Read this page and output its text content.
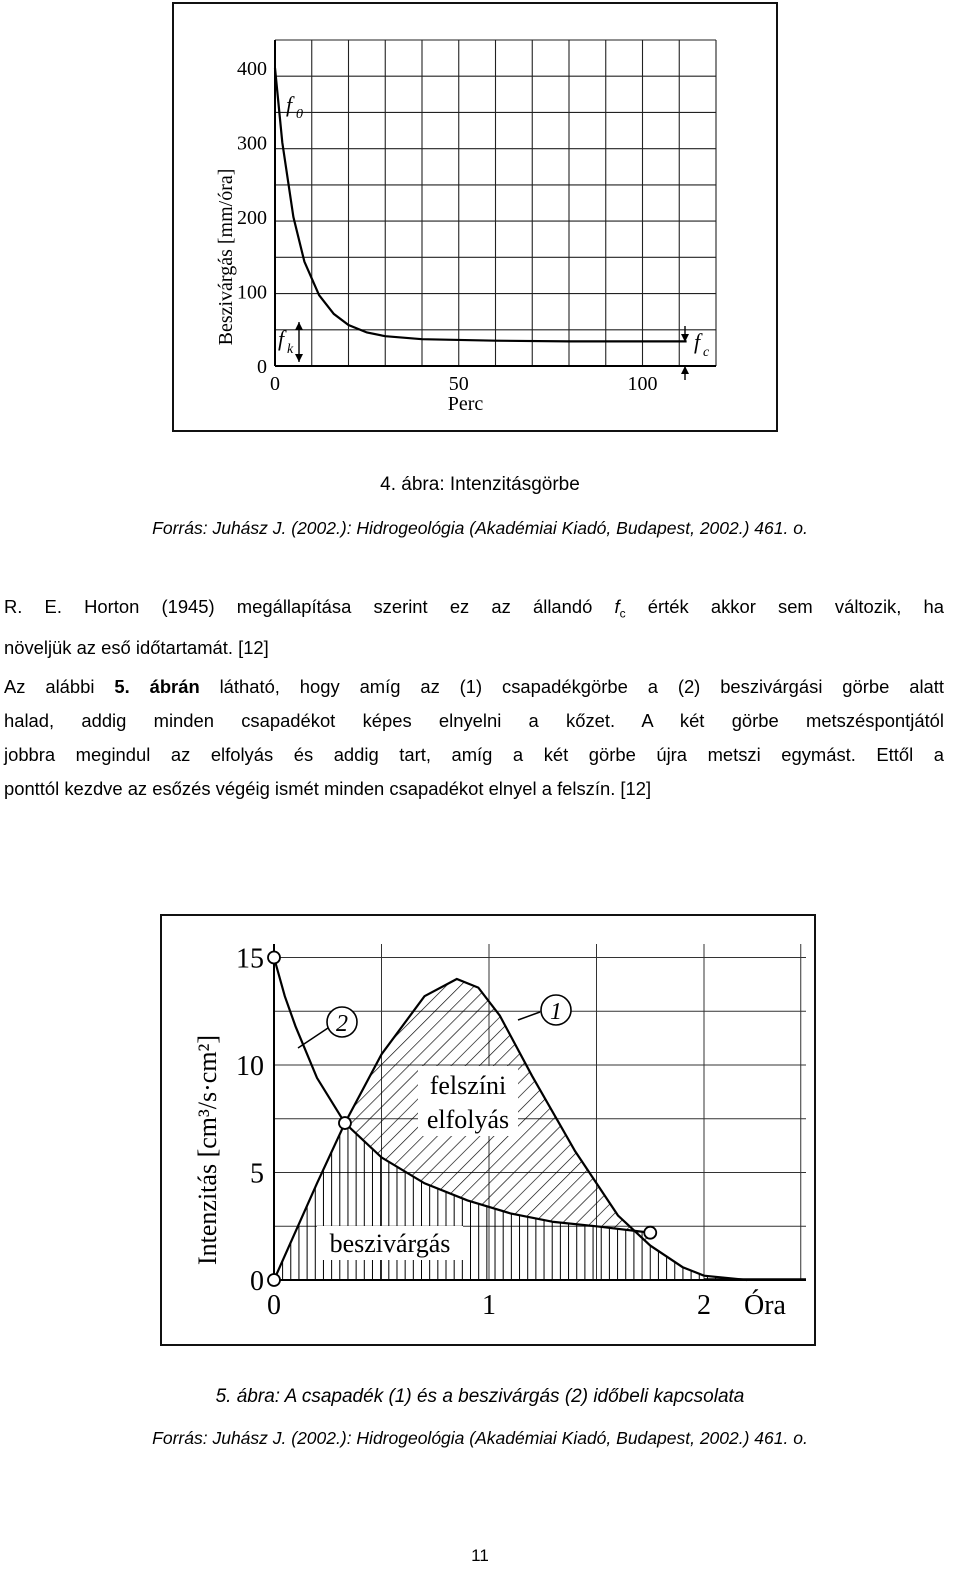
0
100
200
300
400
0	50	100
Perc
Beszivárgás [mm/óra]
f 0
f k	f c
4. ábra: Intenzitásgörbe
Forrás: Juhász J. (2002.): Hidrogeológia (Akadémiai Kiadó, Budapest, 2002.) 461. o.
R. E. Horton (1945) megállapítása szerint ez az állandó $f_c$ érték akkor sem változik, ha
növeljük az eső időtartamát. [12]
Az alábbi 5. ábrán látható, hogy amíg az (1) csapadékgörbe a (2) beszivárgási görbe alatt
halad, addig minden csapadékot képes elnyelni a kőzet. A két görbe metszéspontjától
jobbra megindul az elfolyás és addig tart, amíg a két görbe újra metszi egymást. Ettől a
ponttól kezdve az esőzés végéig ismét minden csapadékot elnyel a felszín. [12]
0
5
10
15
0	1	2 Óra
Intenzitás [cm³/s·cm²]	felszíni
elfolyás
beszivárgás
2	1
5. ábra: A csapadék (1) és a beszivárgás (2) időbeli kapcsolata
Forrás: Juhász J. (2002.): Hidrogeológia (Akadémiai Kiadó, Budapest, 2002.) 461. o.
11
